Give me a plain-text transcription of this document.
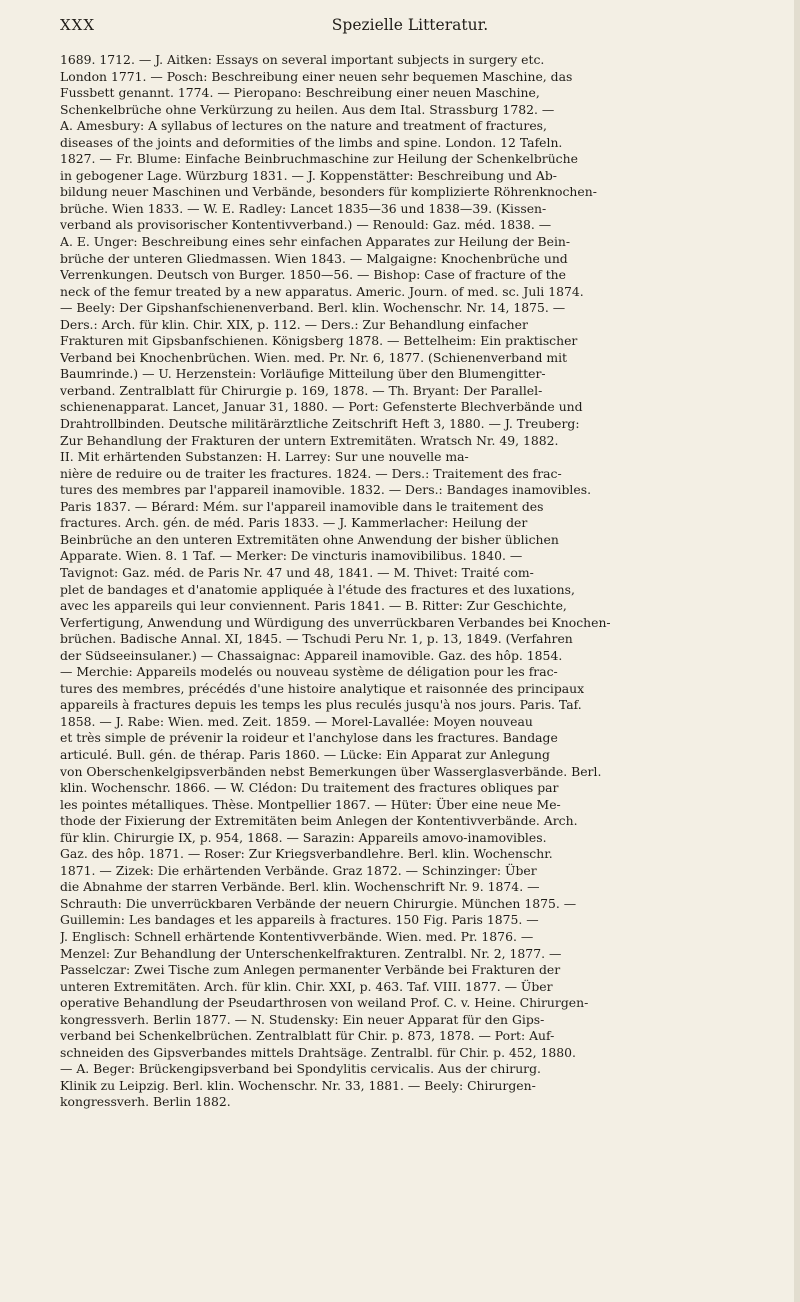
XXX	Spezielle Litteratur.
1689. 1712. — J. Aitken: Essays on several important subjects in surgery etc.
London 1771. — Posch: Beschreibung einer neuen sehr bequemen Maschine, das
Fussbett genannt. 1774. — Pieropano: Beschreibung einer neuen Maschine,
Schenkelbrüche ohne Verkürzung zu heilen. Aus dem Ital. Strassburg 1782. —
A. Amesbury: A syllabus of lectures on the nature and treatment of fractures,
diseases of the joints and deformities of the limbs and spine. London. 12 Tafeln.
1827. — Fr. Blume: Einfache Beinbruchmaschine zur Heilung der Schenkelbrüche
in gebogener Lage. Würzburg 1831. — J. Koppenstätter: Beschreibung und Ab-
bildung neuer Maschinen und Verbände, besonders für komplizierte Röhrenknochen-
brüche. Wien 1833. — W. E. Radley: Lancet 1835—36 und 1838—39. (Kissen-
verband als provisorischer Kontentivverband.) — Renould: Gaz. méd. 1838. —
A. E. Unger: Beschreibung eines sehr einfachen Apparates zur Heilung der Bein-
brüche der unteren Gliedmassen. Wien 1843. — Malgaigne: Knochenbrüche und
Verrenkungen. Deutsch von Burger. 1850—56. — Bishop: Case of fracture of the
neck of the femur treated by a new apparatus. Americ. Journ. of med. sc. Juli 1874.
— Beely: Der Gipshanfschienenverband. Berl. klin. Wochenschr. Nr. 14, 1875. —
Ders.: Arch. für klin. Chir. XIX, p. 112. — Ders.: Zur Behandlung einfacher
Frakturen mit Gipsbanfschienen. Königsberg 1878. — Bettelheim: Ein praktischer
Verband bei Knochenbrüchen. Wien. med. Pr. Nr. 6, 1877. (Schienenverband mit
Baumrinde.) — U. Herzenstein: Vorläufige Mitteilung über den Blumengitter-
verband. Zentralblatt für Chirurgie p. 169, 1878. — Th. Bryant: Der Parallel-
schienenapparat. Lancet, Januar 31, 1880. — Port: Gefensterte Blechverbände und
Drahtrollbinden. Deutsche militärärztliche Zeitschrift Heft 3, 1880. — J. Treuberg:
Zur Behandlung der Frakturen der untern Extremitäten. Wratsch Nr. 49, 1882.
II. Mit erhärtenden Substanzen: H. Larrey: Sur une nouvelle ma-
nière de reduire ou de traiter les fractures. 1824. — Ders.: Traitement des frac-
tures des membres par l'appareil inamovible. 1832. — Ders.: Bandages inamovibles.
Paris 1837. — Bérard: Mém. sur l'appareil inamovible dans le traitement des
fractures. Arch. gén. de méd. Paris 1833. — J. Kammerlacher: Heilung der
Beinbrüche an den unteren Extremitäten ohne Anwendung der bisher üblichen
Apparate. Wien. 8. 1 Taf. — Merker: De vincturis inamovibilibus. 1840. —
Tavignot: Gaz. méd. de Paris Nr. 47 und 48, 1841. — M. Thivet: Traité com-
plet de bandages et d'anatomie appliquée à l'étude des fractures et des luxations,
avec les appareils qui leur conviennent. Paris 1841. — B. Ritter: Zur Geschichte,
Verfertigung, Anwendung und Würdigung des unverrückbaren Verbandes bei Knochen-
brüchen. Badische Annal. XI, 1845. — Tschudi Peru Nr. 1, p. 13, 1849. (Verfahren
der Südseeinsulaner.) — Chassaignac: Appareil inamovible. Gaz. des hôp. 1854.
— Merchie: Appareils modelés ou nouveau système de déligation pour les frac-
tures des membres, précédés d'une histoire analytique et raisonnée des principaux
appareils à fractures depuis les temps les plus reculés jusqu'à nos jours. Paris. Taf.
1858. — J. Rabe: Wien. med. Zeit. 1859. — Morel-Lavallée: Moyen nouveau
et très simple de prévenir la roideur et l'anchylose dans les fractures. Bandage
articulé. Bull. gén. de thérap. Paris 1860. — Lücke: Ein Apparat zur Anlegung
von Oberschenkelgipsverbänden nebst Bemerkungen über Wasserglasverbände. Berl.
klin. Wochenschr. 1866. — W. Clédon: Du traitement des fractures obliques par
les pointes métalliques. Thèse. Montpellier 1867. — Hüter: Über eine neue Me-
thode der Fixierung der Extremitäten beim Anlegen der Kontentivverbände. Arch.
für klin. Chirurgie IX, p. 954, 1868. — Sarazin: Appareils amovo-inamovibles.
Gaz. des hôp. 1871. — Roser: Zur Kriegsverbandlehre. Berl. klin. Wochenschr.
1871. — Zizek: Die erhärtenden Verbände. Graz 1872. — Schinzinger: Über
die Abnahme der starren Verbände. Berl. klin. Wochenschrift Nr. 9. 1874. —
Schrauth: Die unverrückbaren Verbände der neuern Chirurgie. München 1875. —
Guillemin: Les bandages et les appareils à fractures. 150 Fig. Paris 1875. —
J. Englisch: Schnell erhärtende Kontentivverbände. Wien. med. Pr. 1876. —
Menzel: Zur Behandlung der Unterschenkelfrakturen. Zentralbl. Nr. 2, 1877. —
Passelczar: Zwei Tische zum Anlegen permanenter Verbände bei Frakturen der
unteren Extremitäten. Arch. für klin. Chir. XXI, p. 463. Taf. VIII. 1877. — Über
operative Behandlung der Pseudarthrosen von weiland Prof. C. v. Heine. Chirurgen-
kongressverh. Berlin 1877. — N. Studensky: Ein neuer Apparat für den Gips-
verband bei Schenkelbrüchen. Zentralblatt für Chir. p. 873, 1878. — Port: Auf-
schneiden des Gipsverbandes mittels Drahtsäge. Zentralbl. für Chir. p. 452, 1880.
— A. Beger: Brückengipsverband bei Spondylitis cervicalis. Aus der chirurg.
Klinik zu Leipzig. Berl. klin. Wochenschr. Nr. 33, 1881. — Beely: Chirurgen-
kongressverh. Berlin 1882.
